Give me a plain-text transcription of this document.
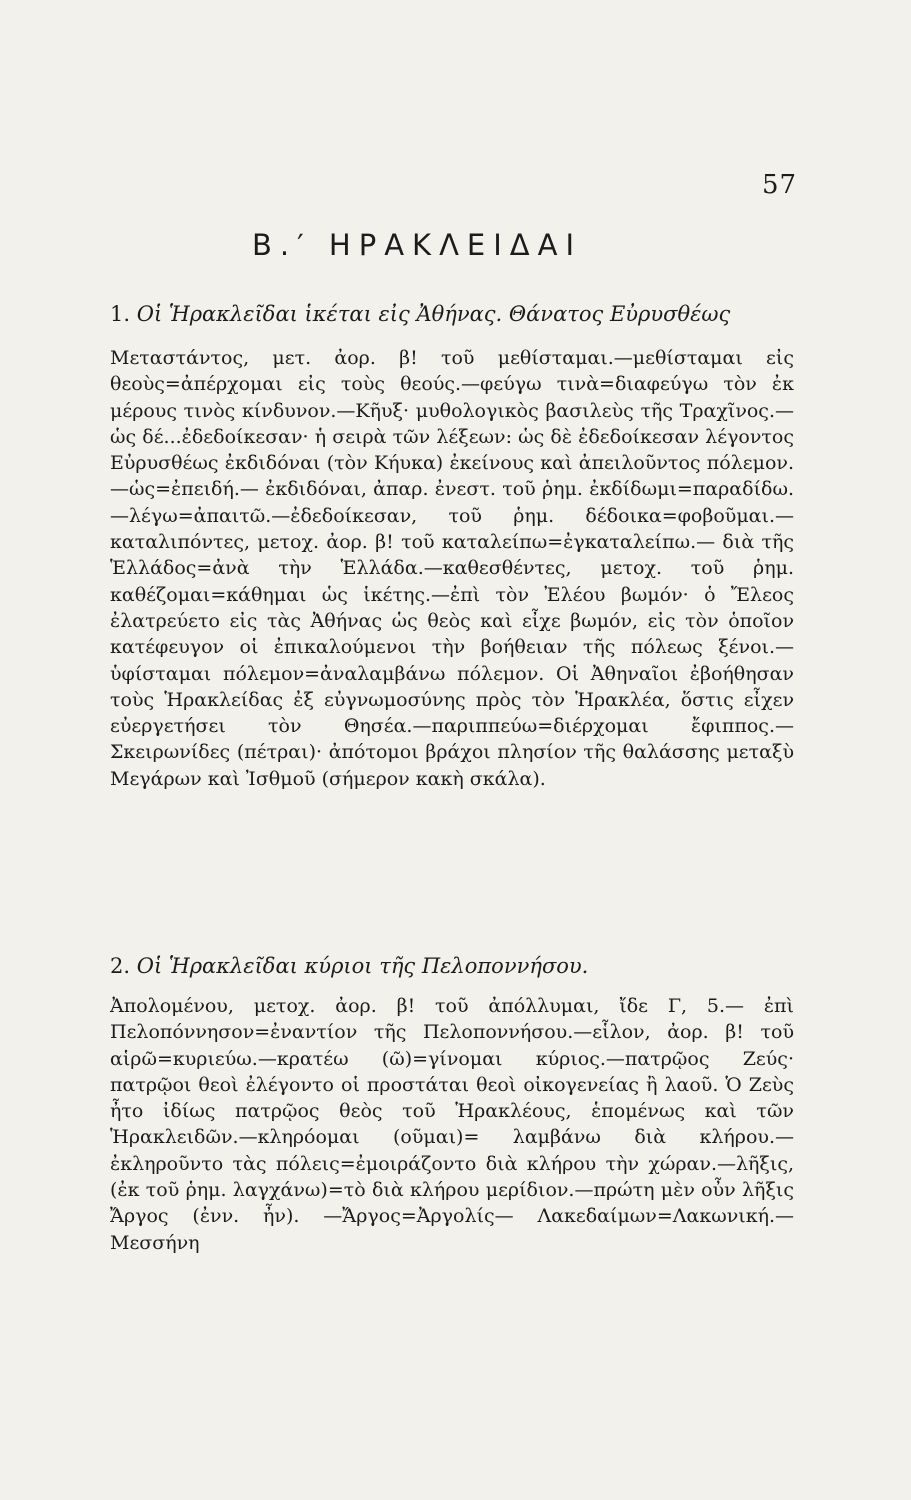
57
Β.′ ΗΡΑΚΛΕΙΔΑΙ
1. Οἱ Ἡρακλεῖδαι ἱκέται εἰς Ἀθήνας. Θάνατος Εὐρυσθέως

Μεταστάντος, μετ. ἀορ. β! τοῦ μεθίσταμαι.—μεθίσταμαι εἰς θεοὺς=ἀπέρχομαι εἰς τοὺς θεούς.—φεύγω τινὰ=διαφεύγω τὸν ἐκ μέρους τινὸς κίνδυνον.—Κῆυξ· μυθολογικὸς βασιλεὺς τῆς Τραχῖνος.—ὡς δέ...ἐδεδοίκεσαν· ἡ σειρὰ τῶν λέξεων: ὡς δὲ ἐδεδοίκεσαν λέγοντος Εὐρυσθέως ἐκδιδόναι (τὸν Κήυκα) ἐκείνους καὶ ἀπειλοῦντος πόλεμον.—ὡς=ἐπειδή.— ἐκδιδόναι, ἀπαρ. ἐνεστ. τοῦ ῥημ. ἐκδίδωμι=παραδίδω.—λέγω=ἀπαιτῶ.—ἐδεδοίκεσαν, τοῦ ῥημ. δέδοικα=φοβοῦμαι.— καταλιπόντες, μετοχ. ἀορ. β! τοῦ καταλείπω=ἐγκαταλείπω.— διὰ τῆς Ἑλλάδος=ἀνὰ τὴν Ἑλλάδα.—καθεσθέντες, μετοχ. τοῦ ῥημ. καθέζομαι=κάθημαι ὡς ἱκέτης.—ἐπὶ τὸν Ἐλέου βωμόν· ὁ Ἔλεος ἐλατρεύετο εἰς τὰς Ἀθήνας ὡς θεὸς καὶ εἶχε βωμόν, εἰς τὸν ὁποῖον κατέφευγον οἱ ἐπικαλούμενοι τὴν βοήθειαν τῆς πόλεως ξένοι.—ὑφίσταμαι πόλεμον=ἀναλαμβάνω πόλεμον. Οἱ Ἀθηναῖοι ἐβοήθησαν τοὺς Ἡρακλείδας ἐξ εὐγνωμοσύνης πρὸς τὸν Ἡρακλέα, ὅστις εἶχεν εὐεργετήσει τὸν Θησέα.—παριππεύω=διέρχομαι ἔφιππος.—Σκειρωνίδες (πέτραι)· ἀπότομοι βράχοι πλησίον τῆς θαλάσσης μεταξὺ Μεγάρων καὶ Ἰσθμοῦ (σήμερον κακὴ σκάλα).

2. Οἱ Ἡρακλεῖδαι κύριοι τῆς Πελοποννήσου.

Ἀπολομένου, μετοχ. ἀορ. β! τοῦ ἀπόλλυμαι, ἴδε Γ, 5.— ἐπὶ Πελοπόννησον=ἐναντίον τῆς Πελοποννήσου.—εἷλον, ἀορ. β! τοῦ αἱρῶ=κυριεύω.—κρατέω (ῶ)=γίνομαι κύριος.—πατρῷος Ζεύς· πατρῷοι θεοὶ ἐλέγοντο οἱ προστάται θεοὶ οἰκογενείας ἢ λαοῦ. Ὁ Ζεὺς ἦτο ἰδίως πατρῷος θεὸς τοῦ Ἡρακλέους, ἑπομένως καὶ τῶν Ἡρακλειδῶν.—κληρόομαι (οῦμαι)= λαμβάνω διὰ κλήρου.—ἐκληροῦντο τὰς πόλεις=ἐμοιράζοντο διὰ κλήρου τὴν χώραν.—λῆξις, (ἐκ τοῦ ῥημ. λαγχάνω)=τὸ διὰ κλήρου μερίδιον.—πρώτη μὲν οὖν λῆξις Ἄργος (ἐνν. ἦν). —Ἄργος=Ἀργολίς— Λακεδαίμων=Λακωνική.— Μεσσήνη
